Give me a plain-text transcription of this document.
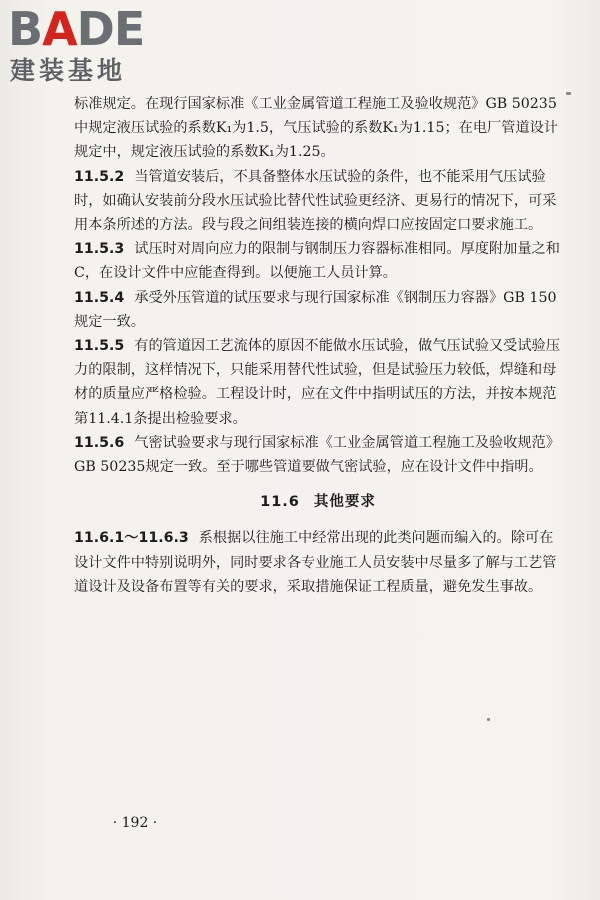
BADE
建装基地

标准规定。在现行国家标准《工业金属管道工程施工及验收规范》GB 50235中规定液压试验的系数K₁为1.5，气压试验的系数K₁为1.15；在电厂管道设计规定中，规定液压试验的系数K₁为1.25。

11.5.2 当管道安装后，不具备整体水压试验的条件，也不能采用气压试验时，如确认安装前分段水压试验比替代性试验更经济、更易行的情况下，可采用本条所述的方法。段与段之间组装连接的横向焊口应按固定口要求施工。

11.5.3 试压时对周向应力的限制与钢制压力容器标准相同。厚度附加量之和C，在设计文件中应能查得到。以便施工人员计算。

11.5.4 承受外压管道的试压要求与现行国家标准《钢制压力容器》GB 150规定一致。

11.5.5 有的管道因工艺流体的原因不能做水压试验，做气压试验又受试验压力的限制，这样情况下，只能采用替代性试验，但是试验压力较低，焊缝和母材的质量应严格检验。工程设计时，应在文件中指明试压的方法，并按本规范第11.4.1条提出检验要求。

11.5.6 气密试验要求与现行国家标准《工业金属管道工程施工及验收规范》GB 50235规定一致。至于哪些管道要做气密试验，应在设计文件中指明。

11.6 其他要求

11.6.1～11.6.3 系根据以往施工中经常出现的此类问题而编入的。除可在设计文件中特别说明外，同时要求各专业施工人员安装中尽量多了解与工艺管道设计及设备布置等有关的要求，采取措施保证工程质量，避免发生事故。

· 192 ·
